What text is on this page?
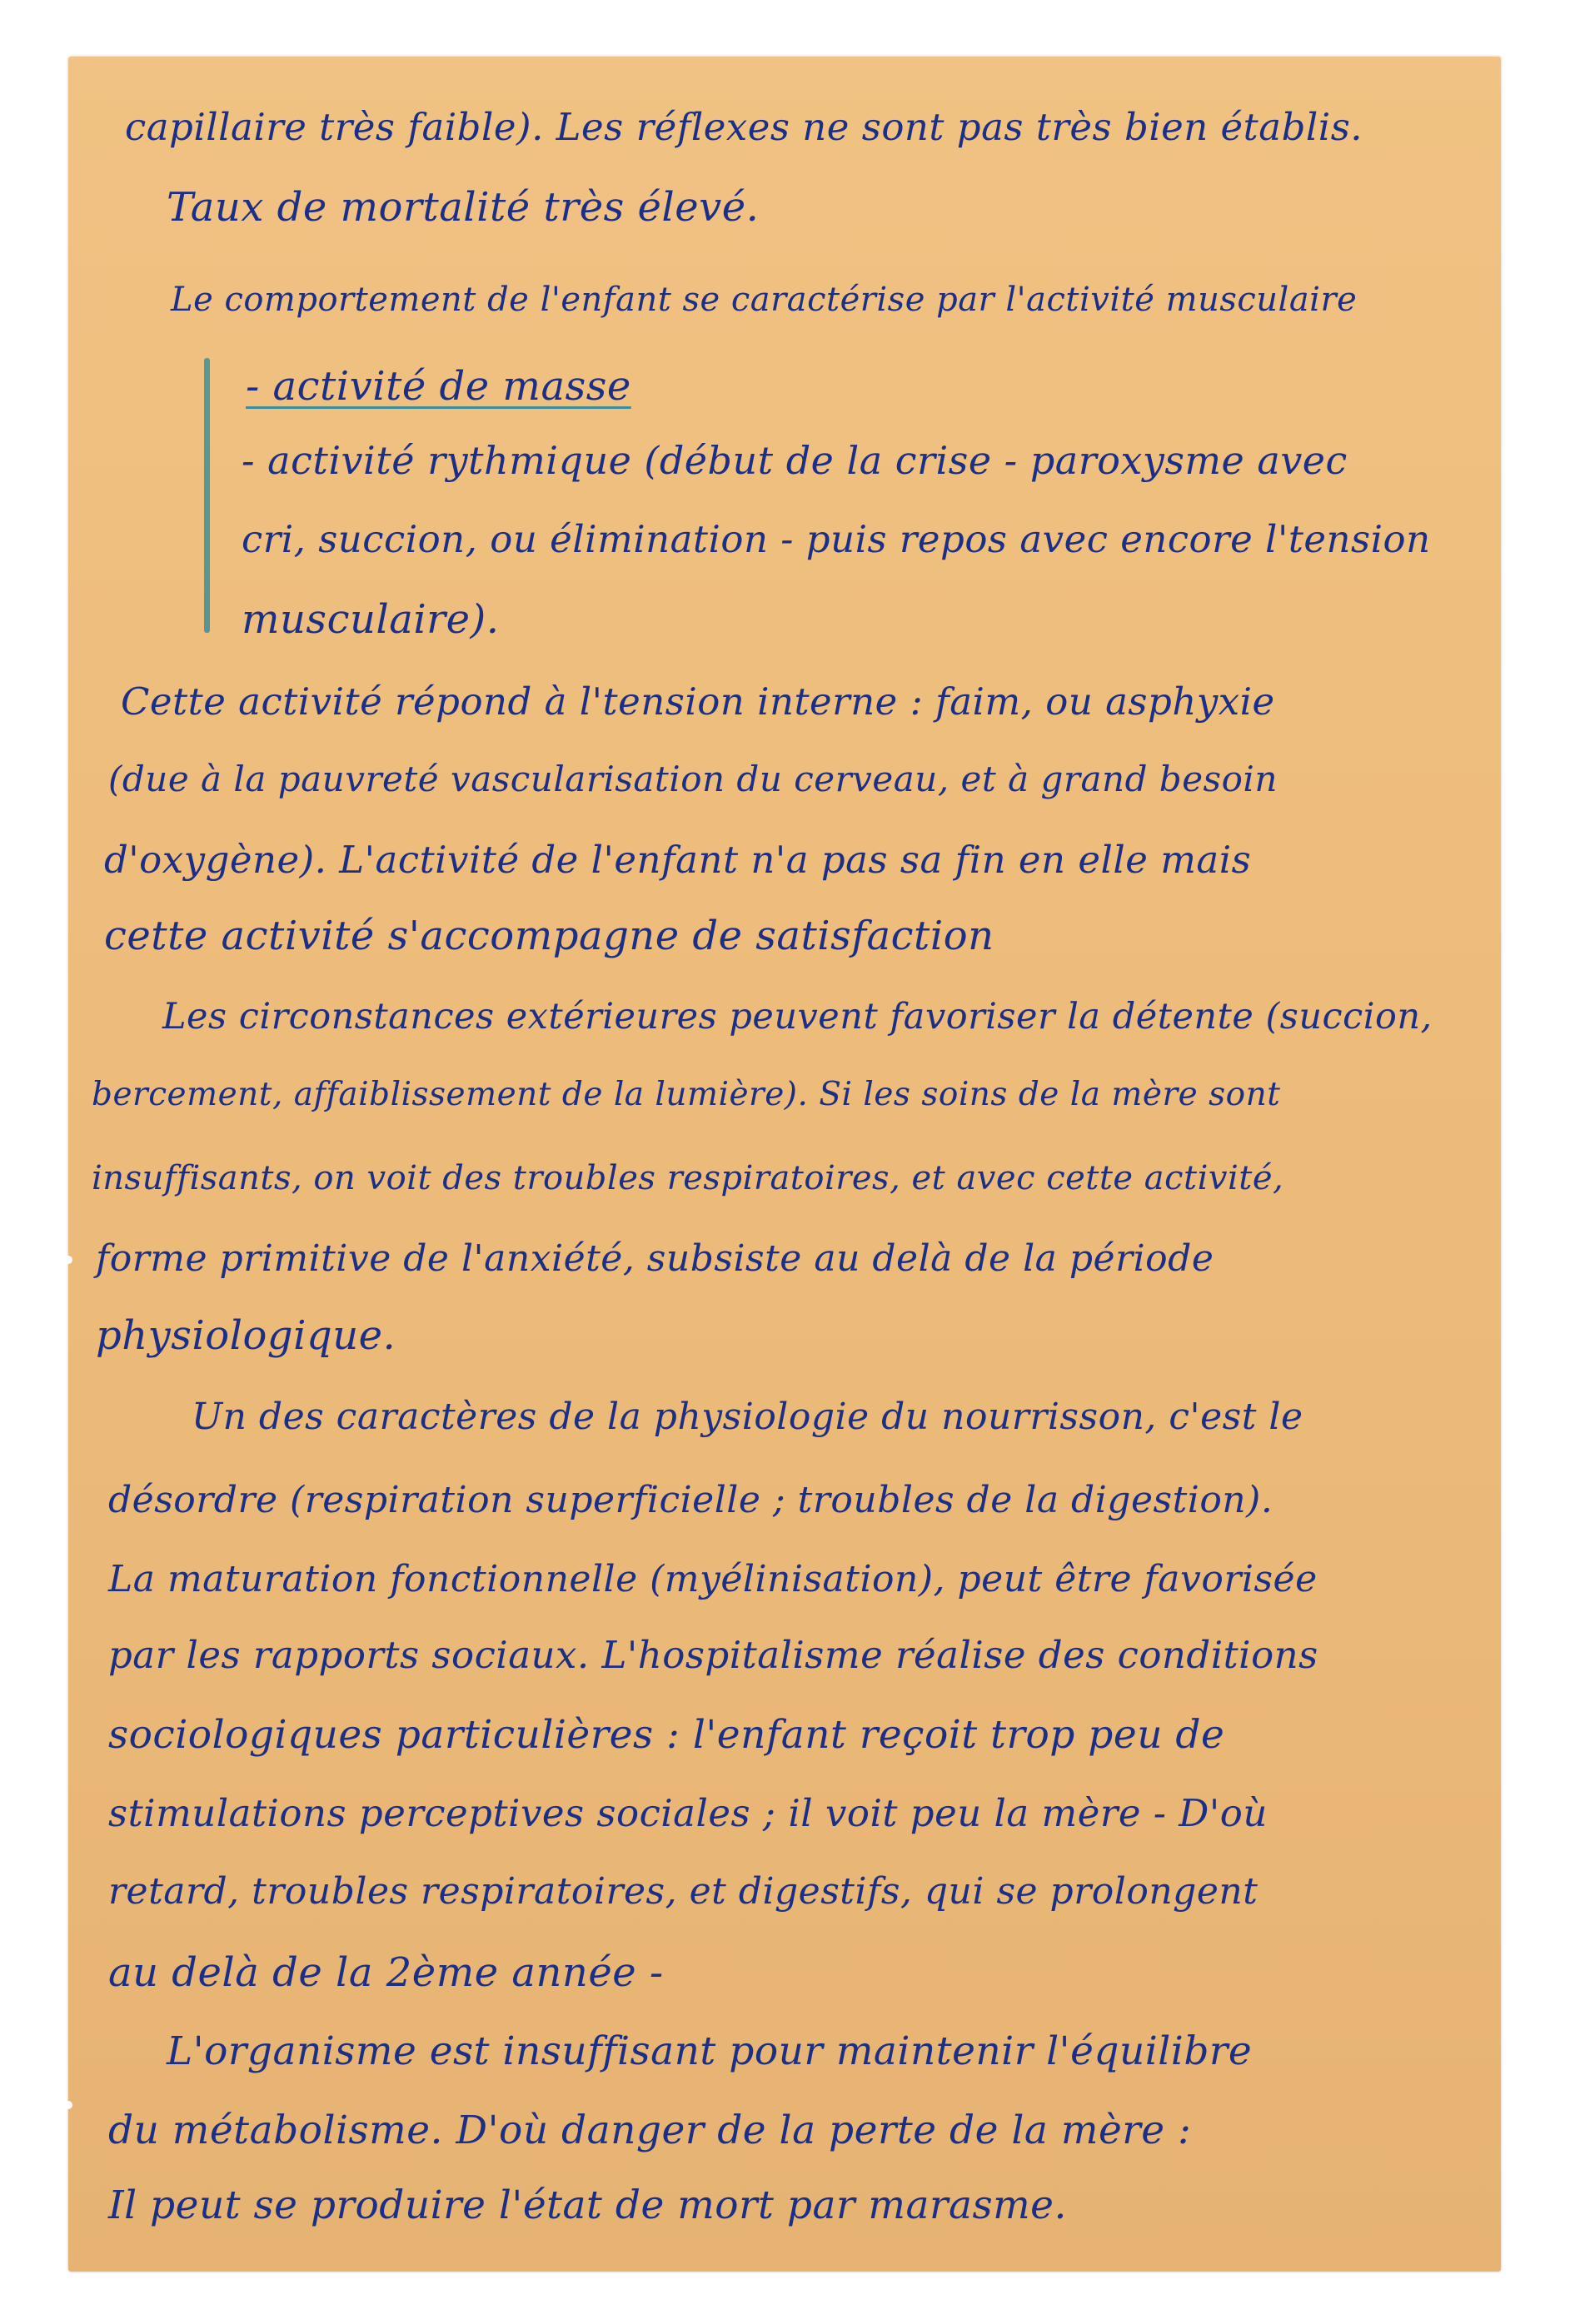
capillaire très faible). Les réflexes ne sont pas très bien établis.
Taux de mortalité très élevé.
Le comportement de l'enfant se caractérise par l'activité musculaire
- activité de masse
- activité rythmique (début de la crise - paroxysme avec
cri, succion, ou élimination - puis repos avec encore l'tension
musculaire).
Cette activité répond à l'tension interne : faim, ou asphyxie
(due à la pauvreté vascularisation du cerveau, et à grand besoin
d'oxygène). L'activité de l'enfant n'a pas sa fin en elle mais
cette activité s'accompagne de satisfaction
Les circonstances extérieures peuvent favoriser la détente (succion,
bercement, affaiblissement de la lumière). Si les soins de la mère sont
insuffisants, on voit des troubles respiratoires, et avec cette activité,
forme primitive de l'anxiété, subsiste au delà de la période
physiologique.
Un des caractères de la physiologie du nourrisson, c'est le
désordre (respiration superficielle ; troubles de la digestion).
La maturation fonctionnelle (myélinisation), peut être favorisée
par les rapports sociaux. L'hospitalisme réalise des conditions
sociologiques particulières : l'enfant reçoit trop peu de
stimulations perceptives sociales ; il voit peu la mère - D'où
retard, troubles respiratoires, et digestifs, qui se prolongent
au delà de la 2ème année -
L'organisme est insuffisant pour maintenir l'équilibre
du métabolisme. D'où danger de la perte de la mère :
Il peut se produire l'état de mort par marasme.
